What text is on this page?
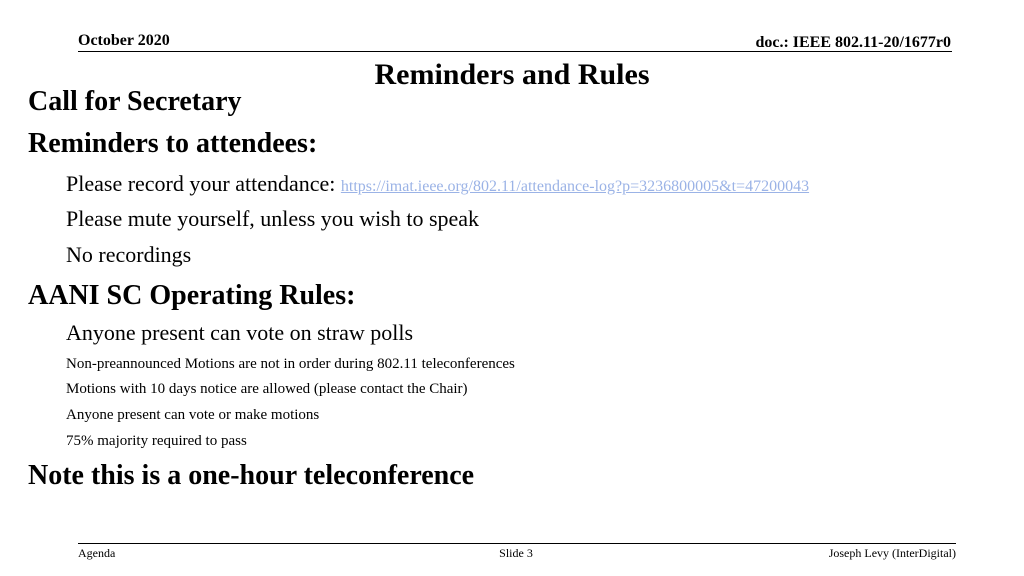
October 2020	doc.: IEEE 802.11-20/1677r0
Reminders and Rules
Call for Secretary
Reminders to attendees:
Please record your attendance: https://imat.ieee.org/802.11/attendance-log?p=3236800005&t=47200043
Please mute yourself, unless you wish to speak
No recordings
AANI SC Operating Rules:
Anyone present can vote on straw polls
Non-preannounced Motions are not in order during 802.11 teleconferences
Motions with 10 days notice are allowed (please contact the Chair)
Anyone present can vote or make motions
75% majority required to pass
Note this is a one-hour teleconference
Agenda	Slide 3	Joseph Levy (InterDigital)
